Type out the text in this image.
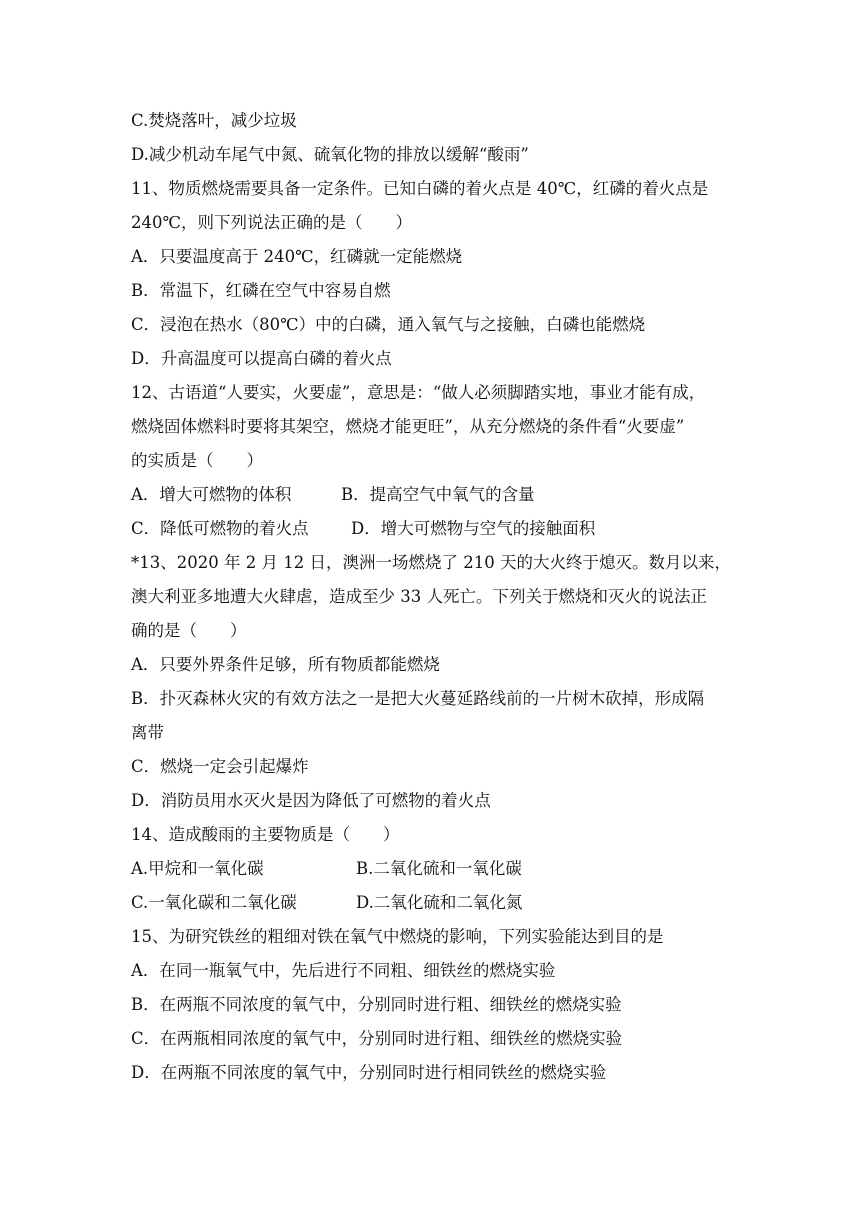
C.焚烧落叶，减少垃圾
D.减少机动车尾气中氮、硫氧化物的排放以缓解“酸雨”
11、物质燃烧需要具备一定条件。已知白磷的着火点是 40℃，红磷的着火点是
240℃，则下列说法正确的是（　　）
A．只要温度高于 240℃，红磷就一定能燃烧
B．常温下，红磷在空气中容易自燃
C．浸泡在热水（80℃）中的白磷，通入氧气与之接触，白磷也能燃烧
D．升高温度可以提高白磷的着火点
12、古语道“人要实，火要虚”，意思是：“做人必须脚踏实地，事业才能有成，
燃烧固体燃料时要将其架空，燃烧才能更旺”，从充分燃烧的条件看“火要虚”
的实质是（　　）
A．增大可燃物的体积	B．提高空气中氧气的含量
C．降低可燃物的着火点	D．增大可燃物与空气的接触面积
*13、2020 年 2 月 12 日，澳洲一场燃烧了 210 天的大火终于熄灭。数月以来，
澳大利亚多地遭大火肆虐，造成至少 33 人死亡。下列关于燃烧和灭火的说法正
确的是（　　）
A．只要外界条件足够，所有物质都能燃烧
B．扑灭森林火灾的有效方法之一是把大火蔓延路线前的一片树木砍掉，形成隔
离带
C．燃烧一定会引起爆炸
D．消防员用水灭火是因为降低了可燃物的着火点
14、造成酸雨的主要物质是（　　）
A.甲烷和一氧化碳	B.二氧化硫和一氧化碳
C.一氧化碳和二氧化碳	D.二氧化硫和二氧化氮
15、为研究铁丝的粗细对铁在氧气中燃烧的影响，下列实验能达到目的是
A．在同一瓶氧气中，先后进行不同粗、细铁丝的燃烧实验
B．在两瓶不同浓度的氧气中，分别同时进行粗、细铁丝的燃烧实验
C．在两瓶相同浓度的氧气中，分别同时进行粗、细铁丝的燃烧实验
D．在两瓶不同浓度的氧气中，分别同时进行相同铁丝的燃烧实验
